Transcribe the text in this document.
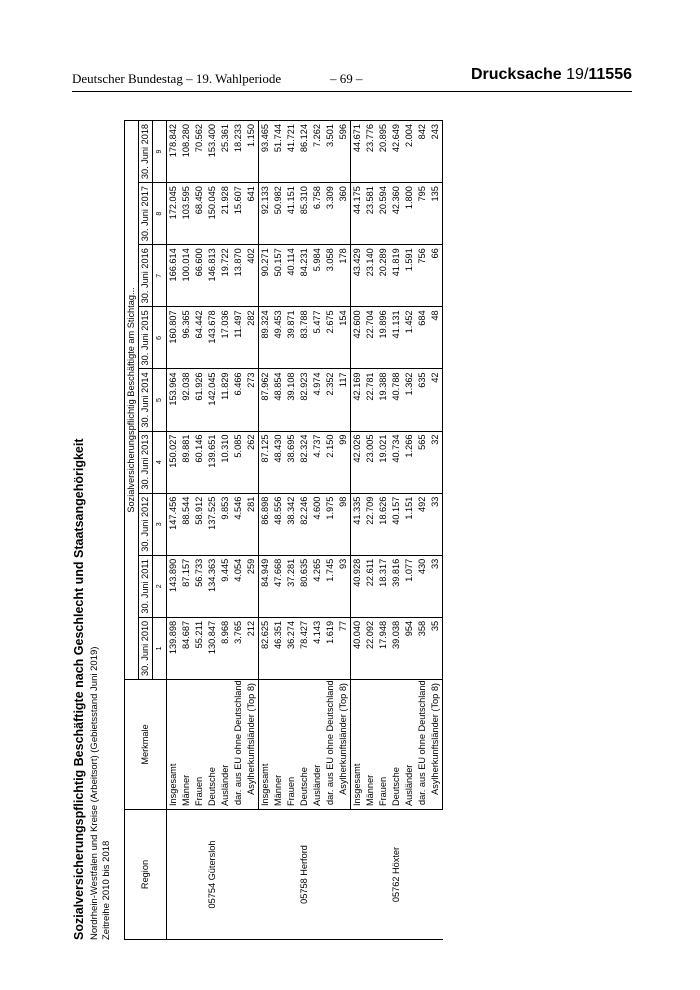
Deutscher Bundestag – 19. Wahlperiode	– 69 –	Drucksache 19/11556
Sozialversicherungspflichtig Beschäftigte nach Geschlecht und Staatsangehörigkeit Nordrhein-Westfalen und Kreise (Arbeitsort) (Gebietsstand Juni 2019) Zeitreihe 2010 bis 2018	Region	Merkmale	Sozialversicherungspflichtig Beschäftigte am Stichtag...								
		30. Juni 2010	30. Juni 2011	30. Juni 2012	30. Juni 2013	30. Juni 2014	30. Juni 2015	30. Juni 2016	30. Juni 2017	30. Juni 2018
		1	2	3	4	5	6	7	8	9
05754 Gütersloh	Insgesamt	139.898	143.890	147.456	150.027	153.964	160.807	166.614	172.045	178.842
	Männer	84.687	87.157	88.544	89.881	92.038	96.365	100.014	103.595	108.280
	Frauen	55.211	56.733	58.912	60.146	61.926	64.442	66.600	68.450	70.562
	Deutsche	130.847	134.363	137.525	139.651	142.045	143.678	146.813	150.045	153.400
	Ausländer	8.968	9.445	9.853	10.310	11.829	17.036	19.722	21.928	25.361
	dar. aus EU ohne Deutschland	3.765	4.054	4.546	5.085	6.466	11.497	13.870	15.607	18.233
	Asylherkunftsländer (Top 8)	212	259	281	262	273	282	402	641	1.150
05758 Herford	Insgesamt	82.625	84.949	86.898	87.125	87.962	89.324	90.271	92.133	93.465
	Männer	46.351	47.668	48.556	48.430	48.854	49.453	50.157	50.982	51.744
	Frauen	36.274	37.281	38.342	38.695	39.108	39.871	40.114	41.151	41.721
	Deutsche	78.427	80.635	82.246	82.324	82.923	83.788	84.231	85.310	86.124
	Ausländer	4.143	4.265	4.600	4.737	4.974	5.477	5.984	6.758	7.262
	dar. aus EU ohne Deutschland	1.619	1.745	1.975	2.150	2.352	2.675	3.058	3.309	3.501
	Asylherkunftsländer (Top 8)	77	93	98	99	117	154	178	360	596
05762 Höxter	Insgesamt	40.040	40.928	41.335	42.026	42.169	42.600	43.429	44.175	44.671
	Männer	22.092	22.611	22.709	23.005	22.781	22.704	23.140	23.581	23.776
	Frauen	17.948	18.317	18.626	19.021	19.388	19.896	20.289	20.594	20.895
	Deutsche	39.038	39.816	40.157	40.734	40.788	41.131	41.819	42.360	42.649
	Ausländer	954	1.077	1.151	1.266	1.362	1.452	1.591	1.800	2.004
	dar. aus EU ohne Deutschland	358	430	492	565	635	684	756	795	842
	Asylherkunftsländer (Top 8)	35	33	33	32	42	48	66	135	243
